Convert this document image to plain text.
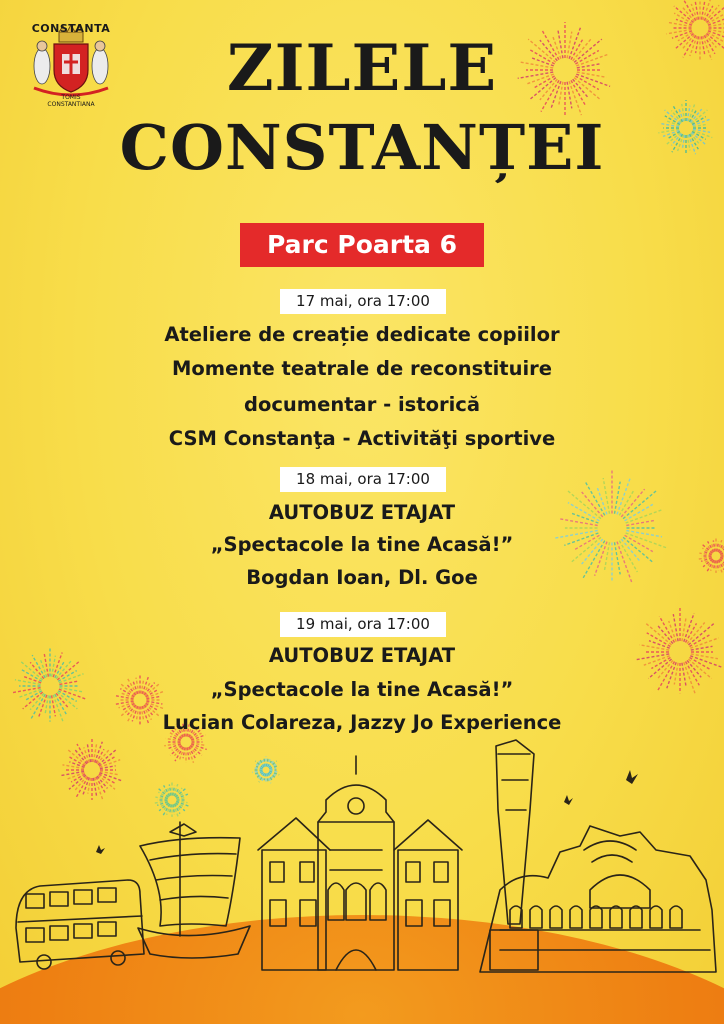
CONSTANTA
TOMIS
CONSTANTIANA	ZILELE
CONSTANȚEI
Parc Poarta 6
17 mai, ora 17:00
Ateliere de creație dedicate copiilor
Momente teatrale de reconstituire
documentar - istorică
CSM Constanţa - Activităţi sportive
18 mai, ora 17:00
AUTOBUZ ETAJAT
„Spectacole la tine Acasă!”
Bogdan Ioan, Dl. Goe
19 mai, ora 17:00
AUTOBUZ ETAJAT
„Spectacole la tine Acasă!”
Lucian Colareza, Jazzy Jo Experience
